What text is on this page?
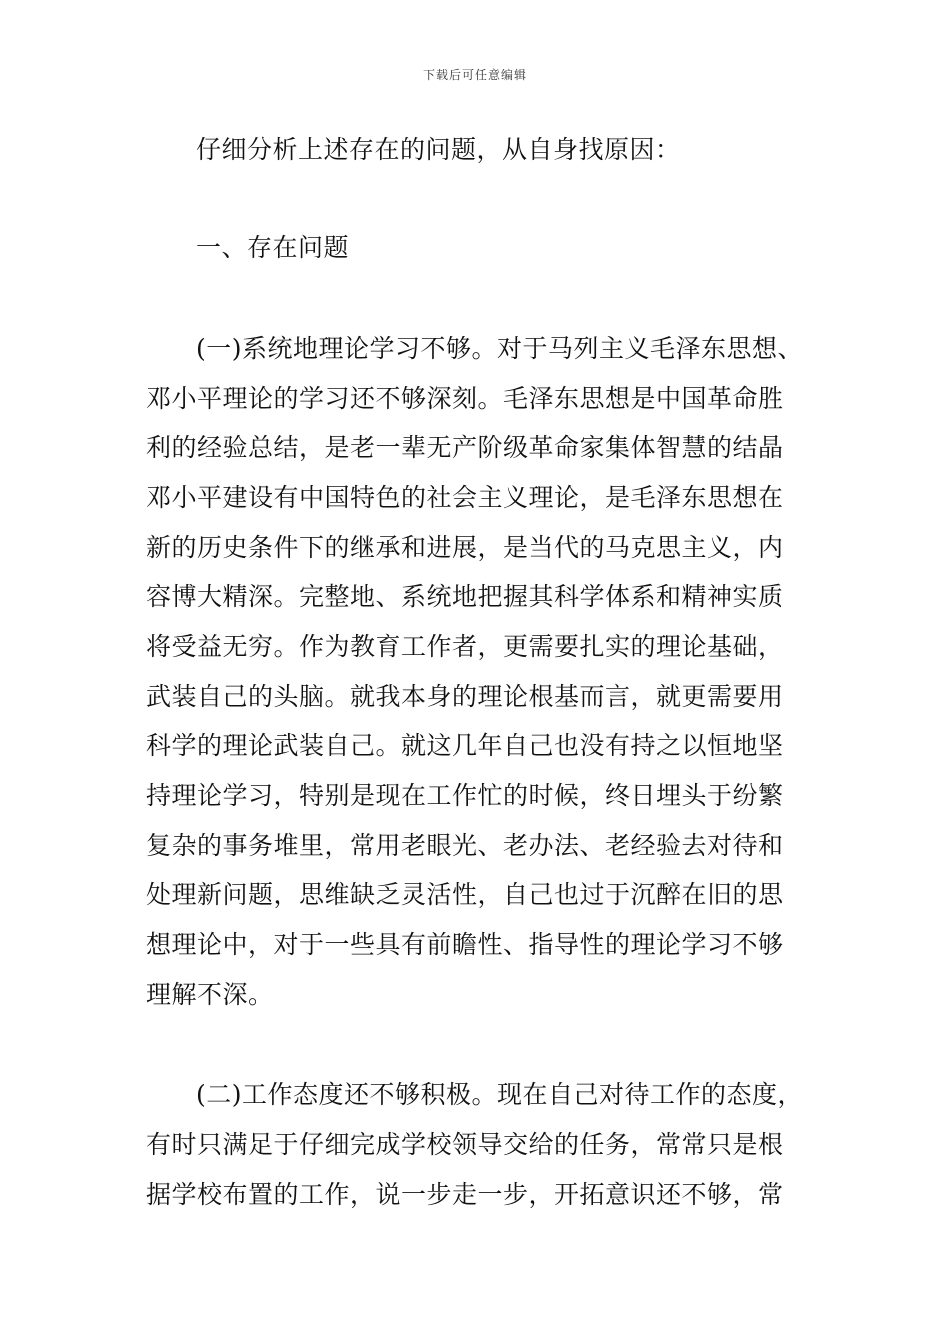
下载后可任意编辑
仔细分析上述存在的问题，从自身找原因：
一、存在问题
(一)系统地理论学习不够。对于马列主义毛泽东思想、
邓小平理论的学习还不够深刻。毛泽东思想是中国革命胜
利的经验总结，是老一辈无产阶级革命家集体智慧的结晶
邓小平建设有中国特色的社会主义理论，是毛泽东思想在
新的历史条件下的继承和进展，是当代的马克思主义，内
容博大精深。完整地、系统地把握其科学体系和精神实质
将受益无穷。作为教育工作者，更需要扎实的理论基础，
武装自己的头脑。就我本身的理论根基而言，就更需要用
科学的理论武装自己。就这几年自己也没有持之以恒地坚
持理论学习，特别是现在工作忙的时候，终日埋头于纷繁
复杂的事务堆里，常用老眼光、老办法、老经验去对待和
处理新问题，思维缺乏灵活性，自己也过于沉醉在旧的思
想理论中，对于一些具有前瞻性、指导性的理论学习不够
理解不深。
(二)工作态度还不够积极。现在自己对待工作的态度，
有时只满足于仔细完成学校领导交给的任务，常常只是根
据学校布置的工作，说一步走一步，开拓意识还不够，常
